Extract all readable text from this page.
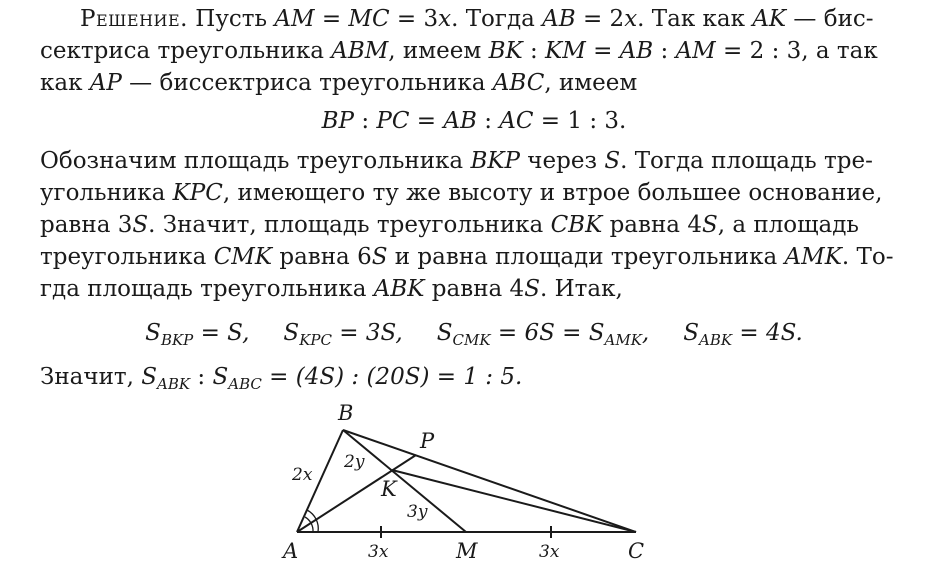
Решение. Пусть AM = MC = 3x. Тогда AB = 2x. Так как AK — бис-
сектриса треугольника ABM, имеем BK : KM = AB : AM = 2 : 3, а так
как AP — биссектриса треугольника ABC, имеем
BP : PC = AB : AC = 1 : 3.
Обозначим площадь треугольника BKP через S. Тогда площадь тре-
угольника KPC, имеющего ту же высоту и втрое большее основание,
равна 3S. Значит, площадь треугольника CBK равна 4S, а площадь
треугольника CMK равна 6S и равна площади треугольника AMK. То-
гда площадь треугольника ABK равна 4S. Итак,
$S_{BKP} = S$, $S_{KPC} = 3S$, $S_{CMK} = 6S = S_{AMK}$, $S_{ABK} = 4S$.
Значит, $S_{ABK}$ : $S_{ABC} = (4S)$ : (20S) = 1 : 5.
A
B
C
M
K
P
2x
2y
3y
3x	3x
